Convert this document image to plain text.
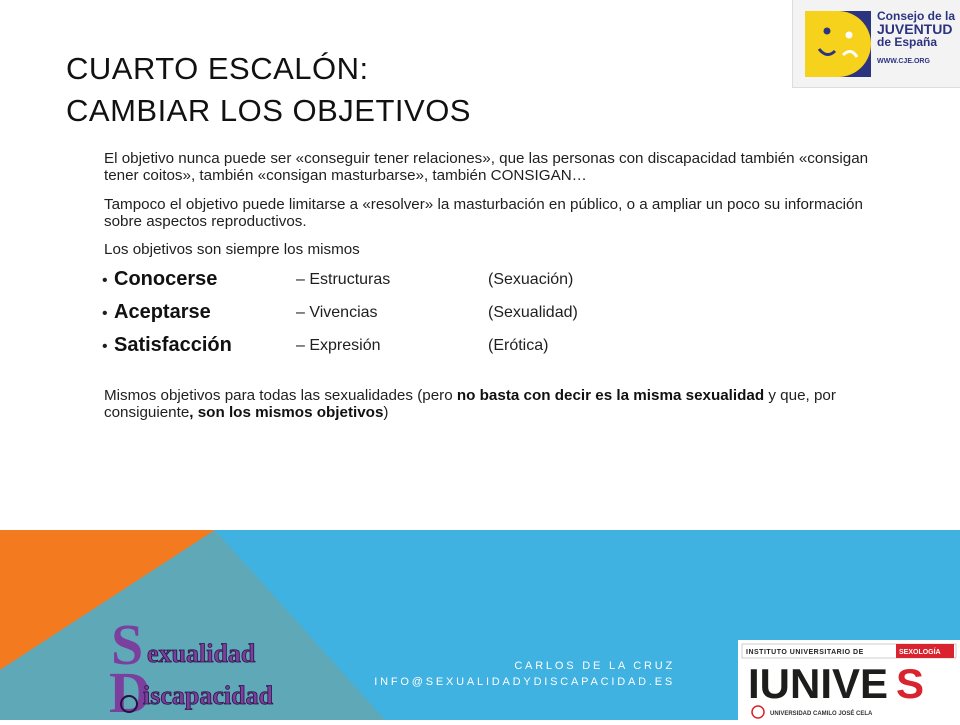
CUARTO ESCALÓN:
CAMBIAR LOS OBJETIVOS
Consejo de la
JUVENTUD
de España
WWW.CJE.ORG

El objetivo nunca puede ser «conseguir tener relaciones», que las personas con discapacidad también «consigan tener coitos», también «consigan masturbarse», también CONSIGAN…

Tampoco el objetivo puede limitarse a «resolver» la masturbación en público, o a ampliar un poco su información sobre aspectos reproductivos.

Los objetivos son siempre los mismos

• Conocerse	– Estructuras	(Sexuación)
• Aceptarse	– Vivencias	(Sexualidad)
• Satisfacción	– Expresión	(Erótica)

Mismos objetivos para todas las sexualidades (pero no basta con decir es la misma sexualidad y que, por consiguiente, son los mismos objetivos)

CARLOS DE LA CRUZ
INFO@SEXUALIDADYDISCAPACIDAD.ES
S exualidad
D
iscapacidad
INSTITUTO UNIVERSITARIO DE	SEXOLOGÍA
IUNIVE S
UNIVERSIDAD CAMILO JOSÉ CELA
